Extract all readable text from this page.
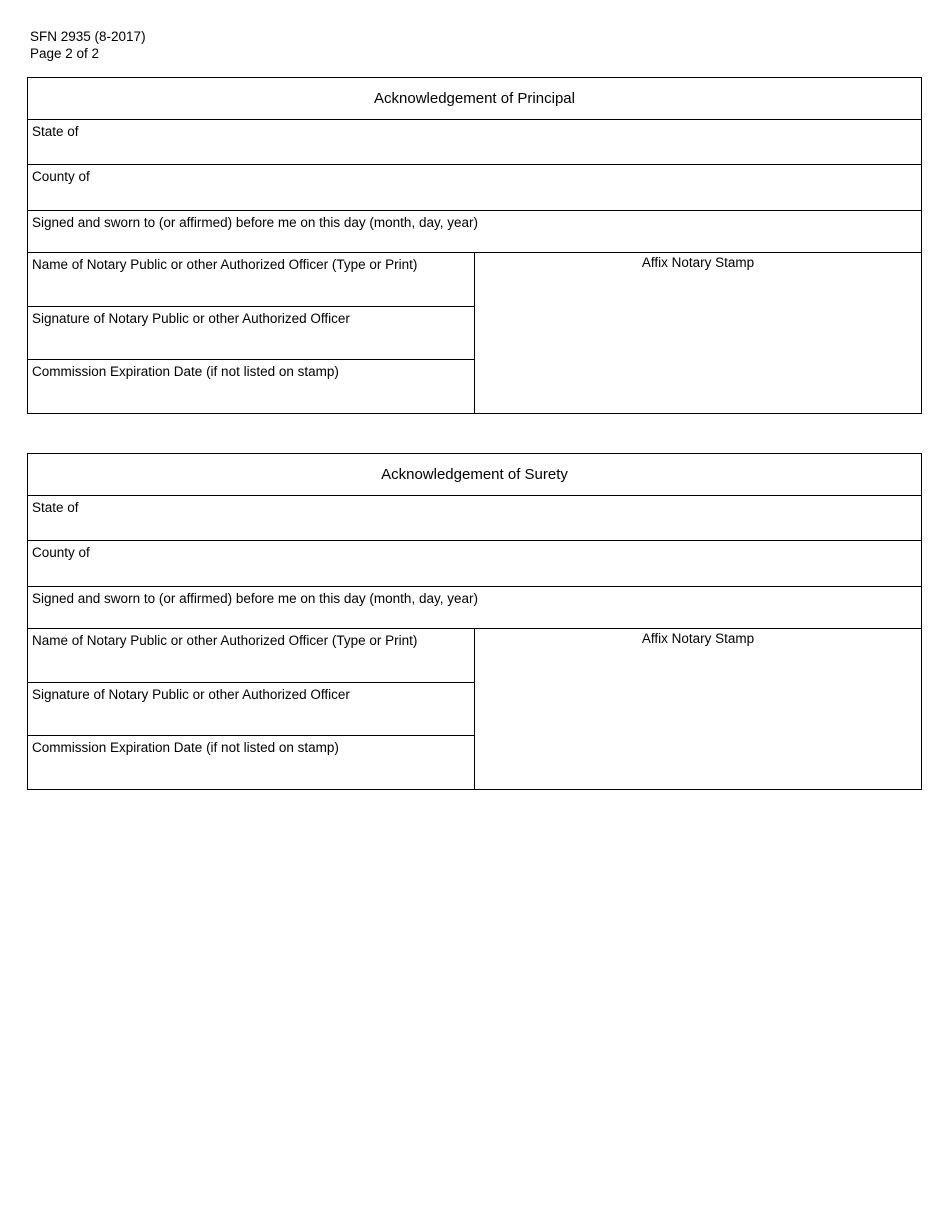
SFN 2935 (8-2017)
Page 2 of 2
Acknowledgement of Principal
State of
County of
Signed and sworn to (or affirmed) before me on this day (month, day, year)
Name of Notary Public or other Authorized Officer (Type or Print)
Signature of Notary Public or other Authorized Officer
Commission Expiration Date (if not listed on stamp)
Affix Notary Stamp
Acknowledgement of Surety
State of
County of
Signed and sworn to (or affirmed) before me on this day (month, day, year)
Name of Notary Public or other Authorized Officer (Type or Print)
Signature of Notary Public or other Authorized Officer
Commission Expiration Date (if not listed on stamp)
Affix Notary Stamp
